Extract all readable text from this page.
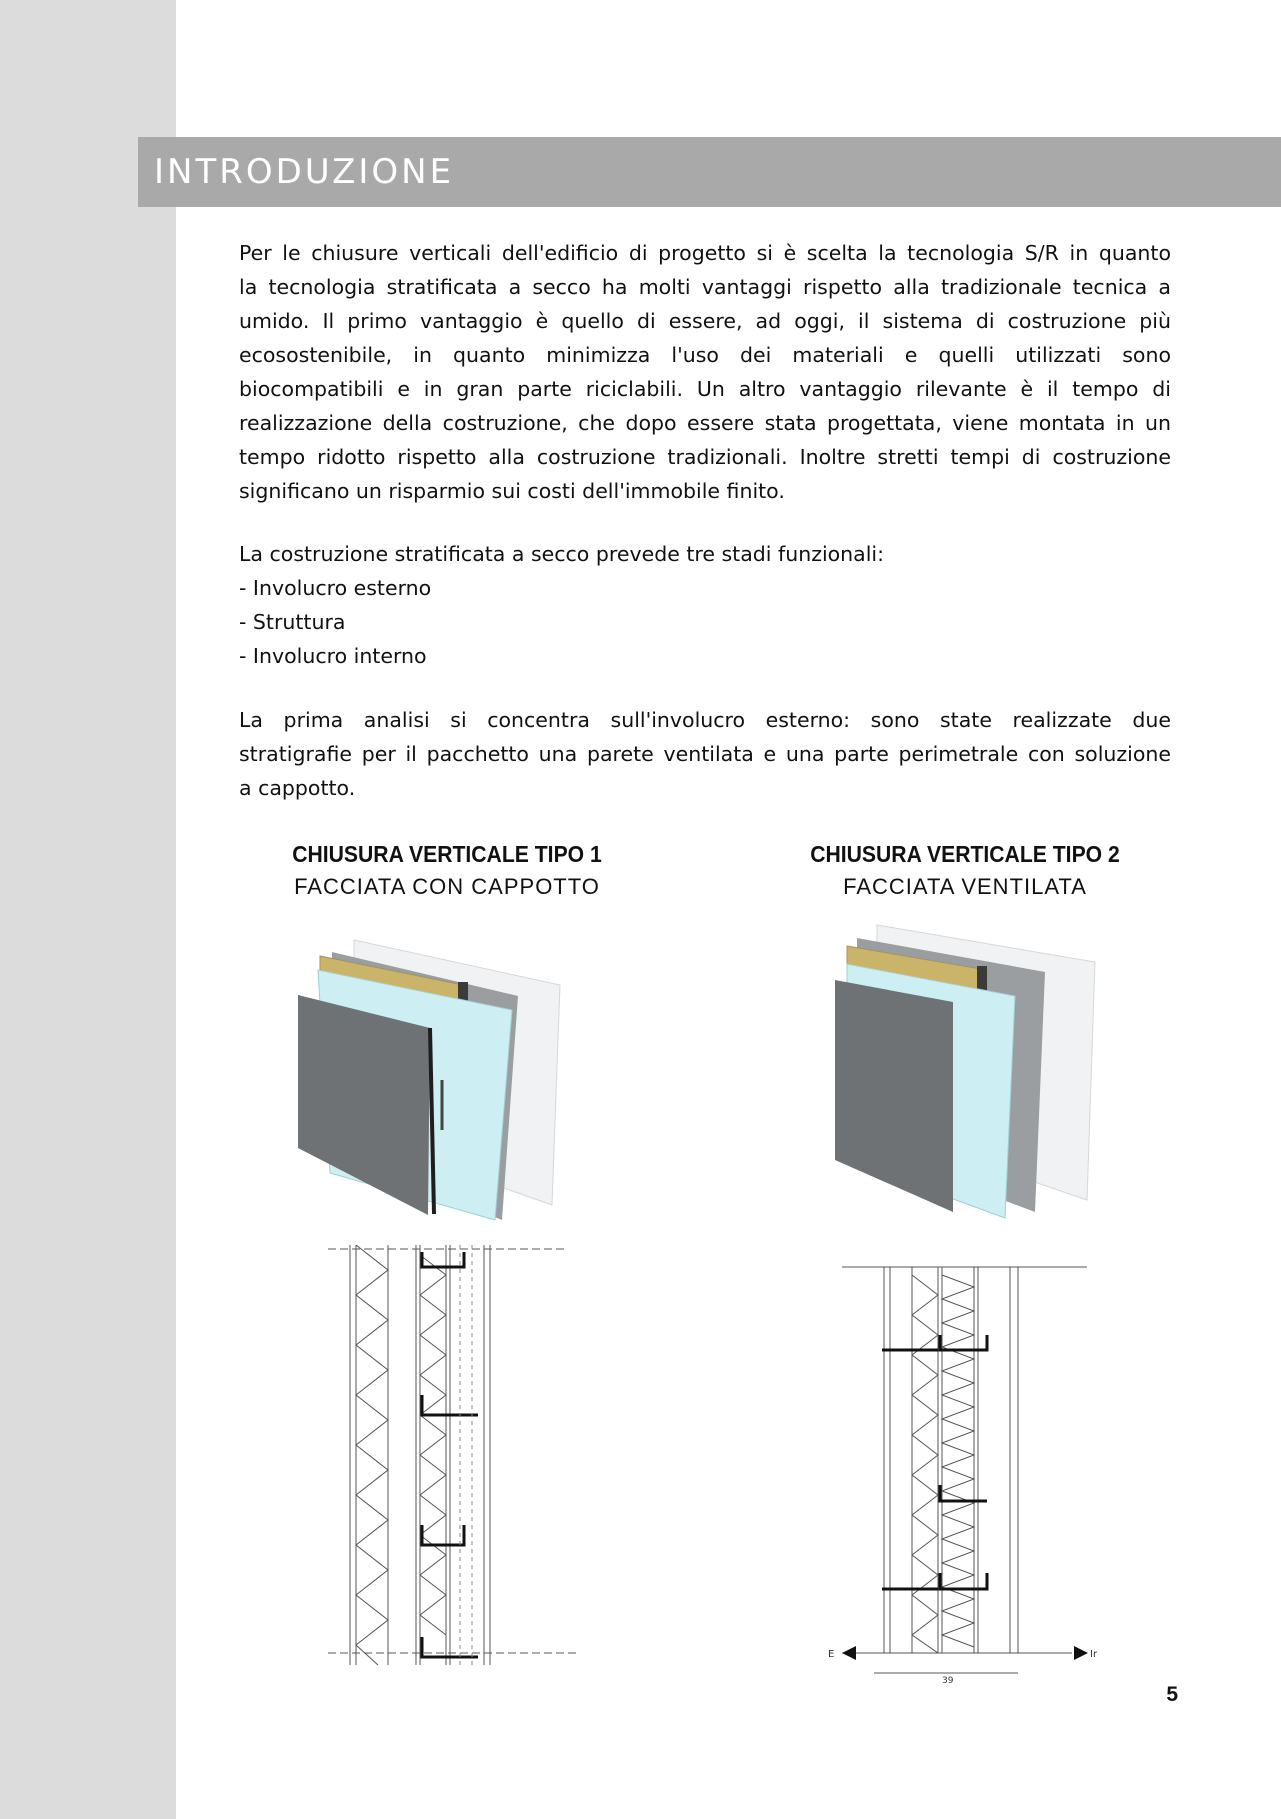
INTRODUZIONE
Per le chiusure verticali dell'edificio di progetto si è scelta la tecnologia S/R in quanto
la tecnologia stratificata a secco ha molti vantaggi rispetto alla tradizionale tecnica a
umido. Il primo vantaggio è quello di essere, ad oggi, il sistema di costruzione più
ecosostenibile, in quanto minimizza l'uso dei materiali e quelli utilizzati sono
biocompatibili e in gran parte riciclabili. Un altro vantaggio rilevante è il tempo di
realizzazione della costruzione, che dopo essere stata progettata, viene montata in un
tempo ridotto rispetto alla costruzione tradizionali. Inoltre stretti tempi di costruzione
significano un risparmio sui costi dell'immobile finito.
La costruzione stratificata a secco prevede tre stadi funzionali:
- Involucro esterno
- Struttura
- Involucro interno
La prima analisi si concentra sull'involucro esterno: sono state realizzate due
stratigrafie per il pacchetto una parete ventilata e una parte perimetrale con soluzione
a cappotto.
CHIUSURA VERTICALE TIPO 1
FACCIATA CON CAPPOTTO
CHIUSURA VERTICALE TIPO 2
FACCIATA VENTILATA
E	Ir
39
5
